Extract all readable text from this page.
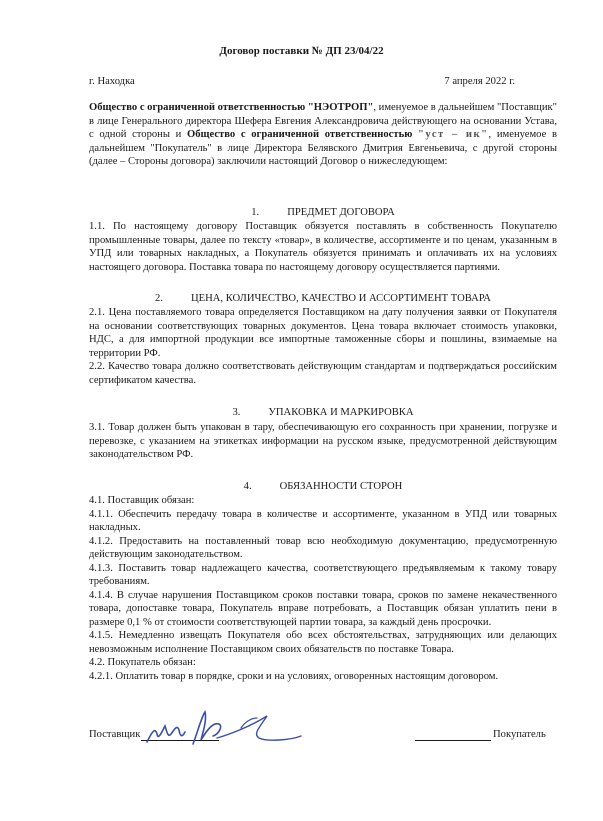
Договор поставки № ДП 23/04/22
г. Находка	7 апреля 2022 г.
Общество с ограниченной ответственностью "НЭОТРОП", именуемое в дальнейшем "Поставщик" в лице Генерального директора Шефера Евгения Александровича действующего на основании Устава, с одной стороны и Общество с ограниченной ответственностью "уст – ик", именуемое в дальнейшем "Покупатель" в лице Директора Белявского Дмитрия Евгеньевича, с другой стороны (далее – Стороны договора) заключили настоящий Договор о нижеследующем:
1.	ПРЕДМЕТ ДОГОВОРА

1.1. По настоящему договору Поставщик обязуется поставлять в собственность Покупателю промышленные товары, далее по тексту «товар», в количестве, ассортименте и по ценам, указанным в УПД или товарных накладных, а Покупатель обязуется принимать и оплачивать их на условиях настоящего договора. Поставка товара по настоящему договору осуществляется партиями.

2.	ЦЕНА, КОЛИЧЕСТВО, КАЧЕСТВО И АССОРТИМЕНТ ТОВАРА

2.1. Цена поставляемого товара определяется Поставщиком на дату получения заявки от Покупателя на основании соответствующих товарных документов. Цена товара включает стоимость упаковки, НДС, а для импортной продукции все импортные таможенные сборы и пошлины, взимаемые на территории РФ.

2.2. Качество товара должно соответствовать действующим стандартам и подтверждаться российским сертификатом качества.

3.	УПАКОВКА И МАРКИРОВКА

3.1. Товар должен быть упакован в тару, обеспечивающую его сохранность при хранении, погрузке и перевозке, с указанием на этикетках информации на русском языке, предусмотренной действующим законодательством РФ.

4.	ОБЯЗАННОСТИ СТОРОН

4.1. Поставщик обязан:

4.1.1. Обеспечить передачу товара в количестве и ассортименте, указанном в УПД или товарных накладных.

4.1.2. Предоставить на поставленный товар всю необходимую документацию, предусмотренную действующим законодательством.

4.1.3. Поставить товар надлежащего качества, соответствующего предъявляемым к такому товару требованиям.

4.1.4. В случае нарушения Поставщиком сроков поставки товара, сроков по замене некачественного товара, допоставке товара, Покупатель вправе потребовать, а Поставщик обязан уплатить пени в размере 0,1 % от стоимости соответствующей партии товара, за каждый день просрочки.

4.1.5. Немедленно извещать Покупателя обо всех обстоятельствах, затрудняющих или делающих невозможным исполнение Поставщиком своих обязательств по поставке Товара.

4.2. Покупатель обязан:

4.2.1. Оплатить товар в порядке, сроки и на условиях, оговоренных настоящим договором.

Поставщик	Покупатель
